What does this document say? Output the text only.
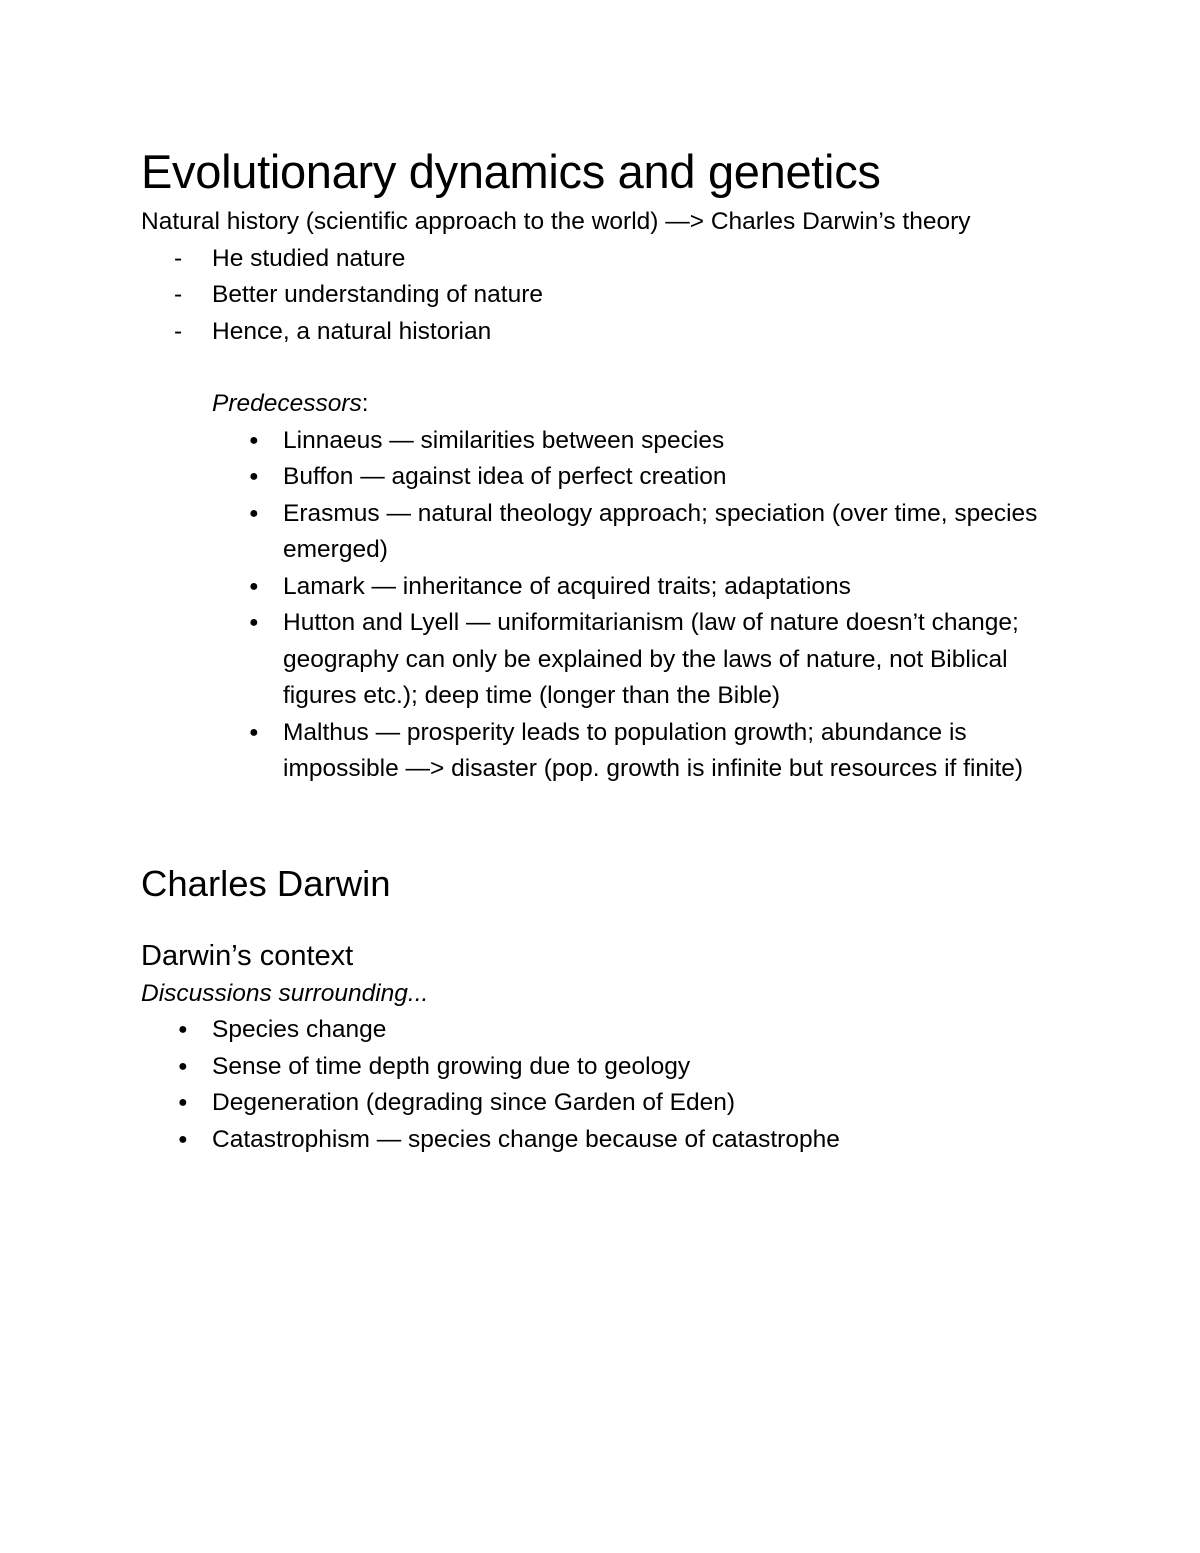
Evolutionary dynamics and genetics

Natural history (scientific approach to the world) —> Charles Darwin’s theory

- He studied nature
- Better understanding of nature
- Hence, a natural historian
Predecessors:
● Linnaeus — similarities between species
● Buffon — against idea of perfect creation
● Erasmus — natural theology approach; speciation (over time, species emerged)
● Lamark — inheritance of acquired traits; adaptations
● Hutton and Lyell — uniformitarianism (law of nature doesn’t change; geography can only be explained by the laws of nature, not Biblical figures etc.); deep time (longer than the Bible)
● Malthus — prosperity leads to population growth; abundance is impossible —> disaster (pop. growth is infinite but resources if finite)
Charles Darwin
Darwin’s context

Discussions surrounding...

● Species change
● Sense of time depth growing due to geology
● Degeneration (degrading since Garden of Eden)
● Catastrophism — species change because of catastrophe
